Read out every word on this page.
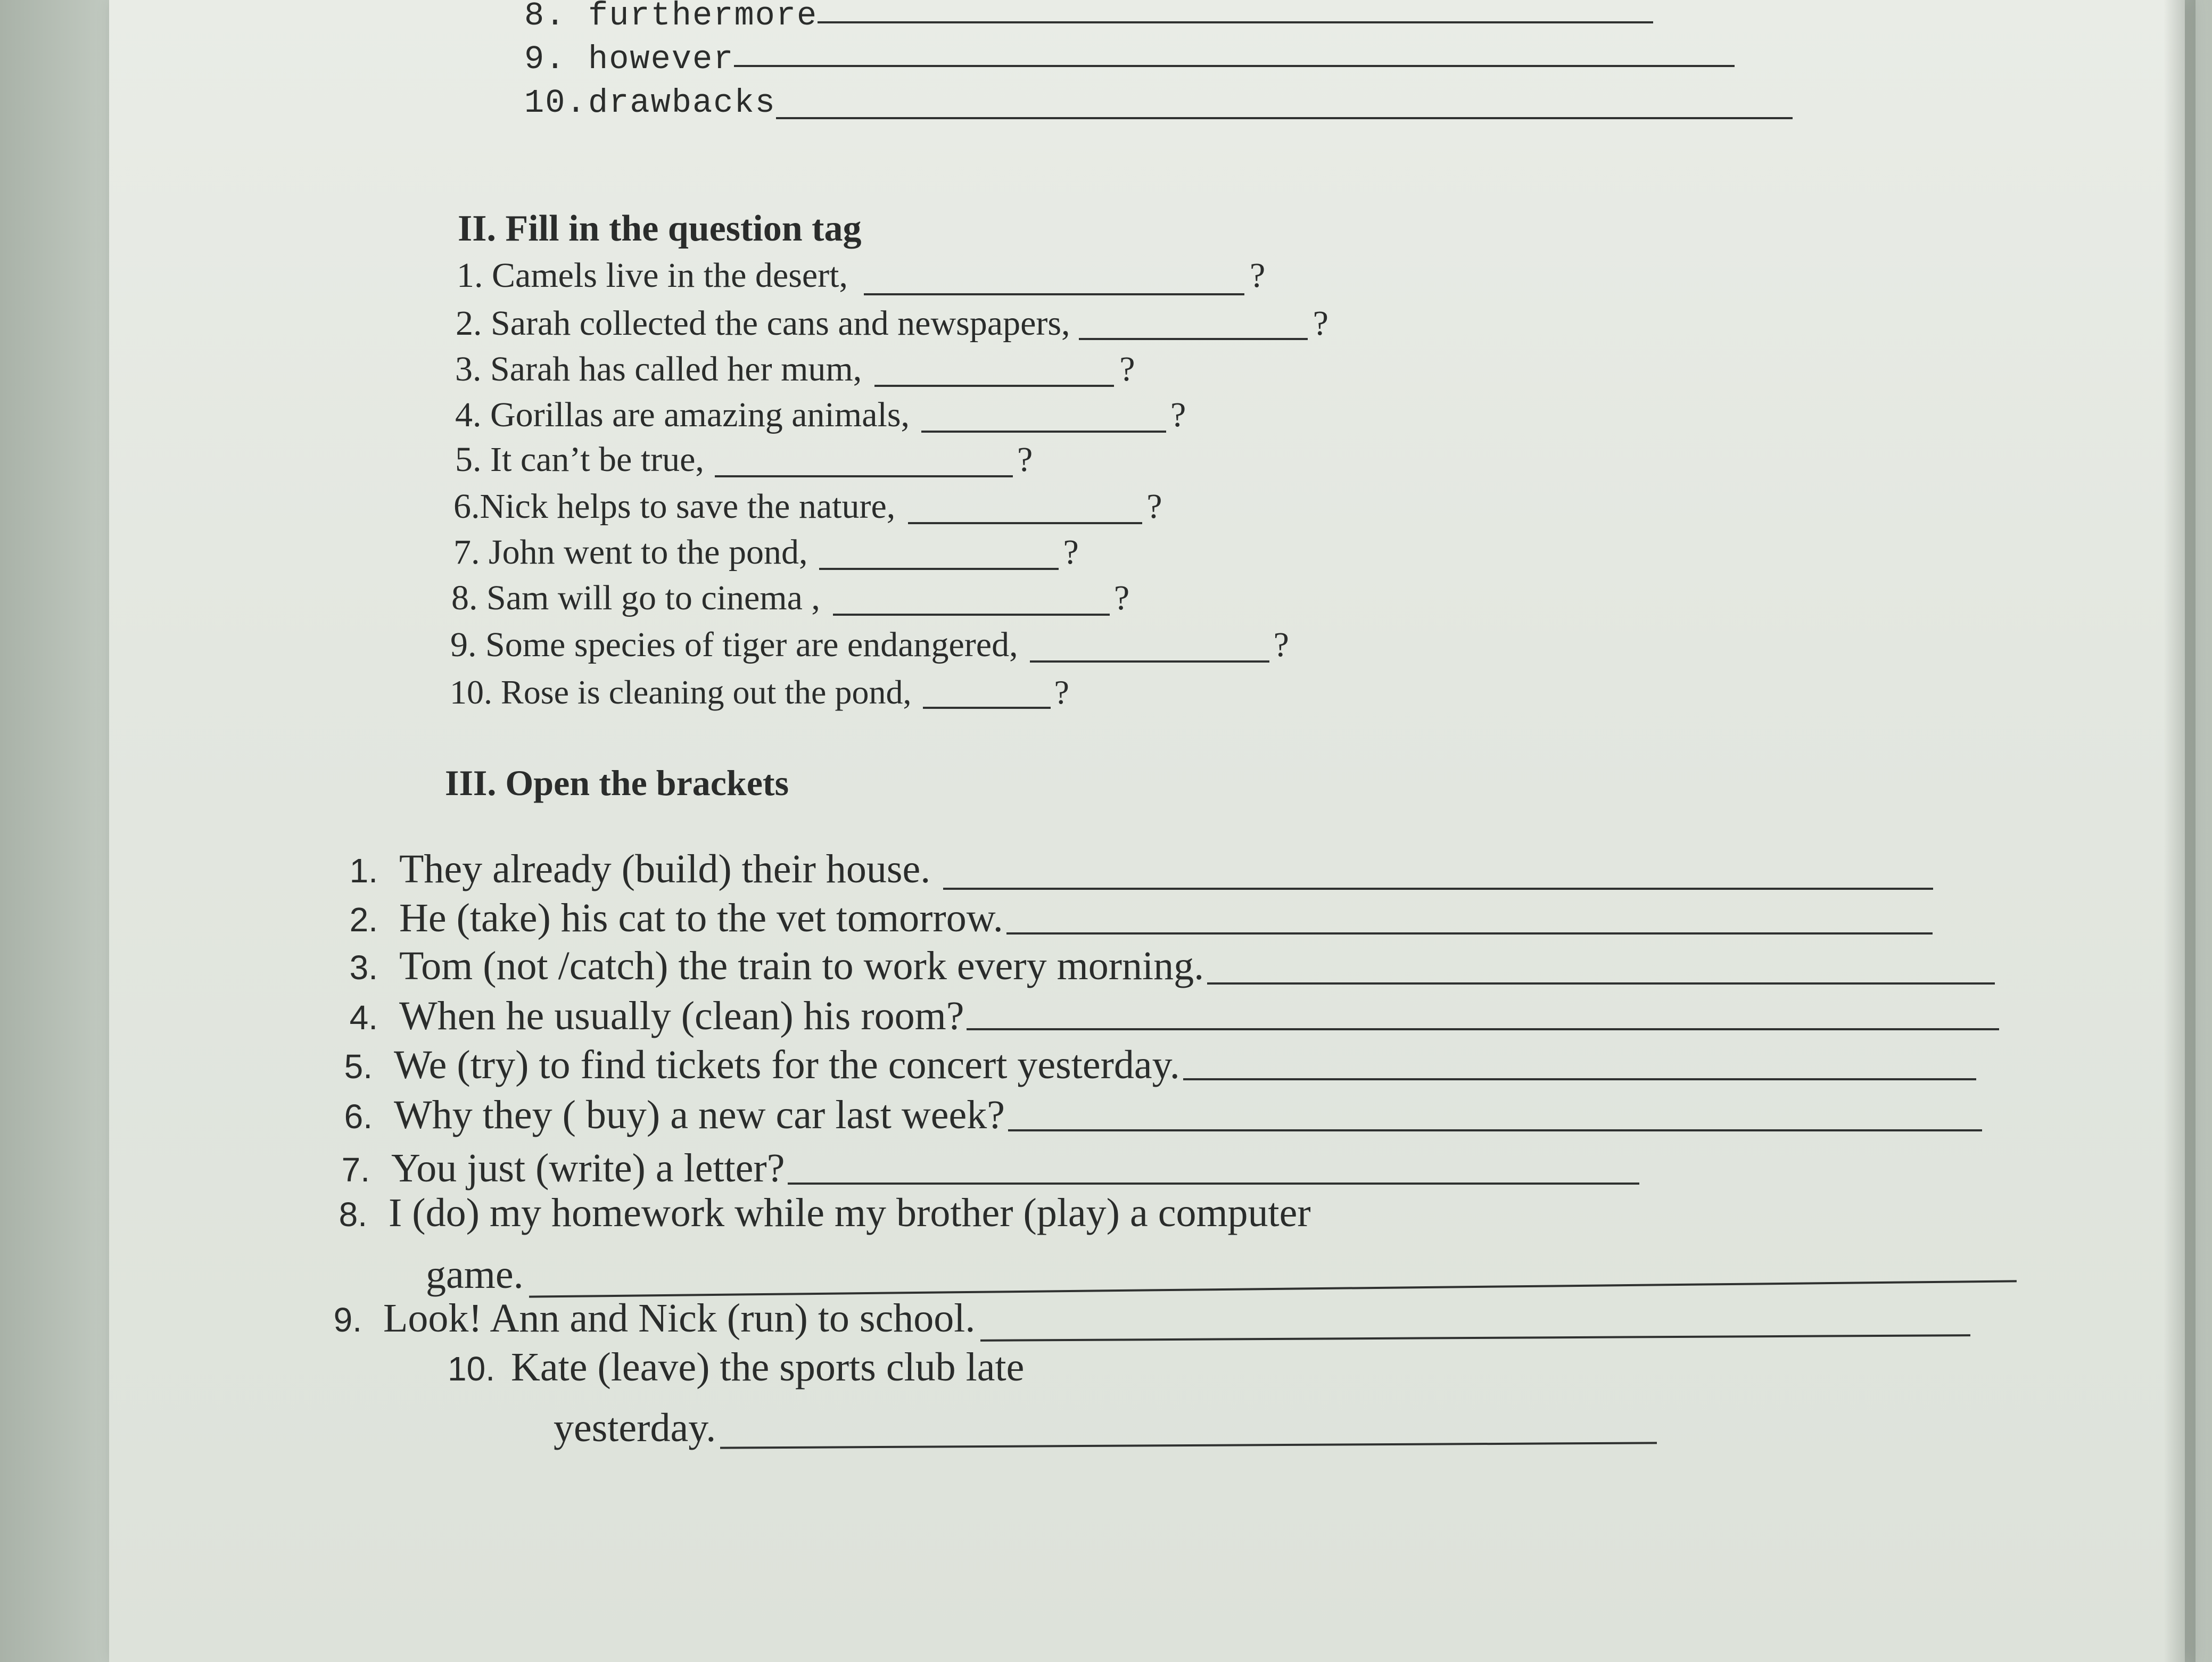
8. furthermore
9. however
10. drawbacks
II. Fill in the question tag
1. Camels live in the desert,	?
2. Sarah collected the cans and newspapers,	?
3. Sarah has called her mum,	?
4. Gorillas are amazing animals,	?
5. It can’t be true,	?
6.Nick helps to save the nature,	?
7. John went to the pond,	?
8. Sam will go to cinema ,	?
9. Some species of tiger are endangered,	?
10. Rose is cleaning out the pond,	?
III. Open the brackets
1. They already (build) their house.
2. He (take) his cat to the vet tomorrow.
3. Tom (not /catch) the train to work every morning.
4. When he usually (clean) his room?
5. We (try) to find tickets for the concert yesterday.
6. Why they ( buy) a new car last week?
7. You just (write) a letter?
8. I (do) my homework while my brother (play) a computer
game.
9. Look! Ann and Nick (run) to school.
10. Kate (leave) the sports club late
yesterday.
